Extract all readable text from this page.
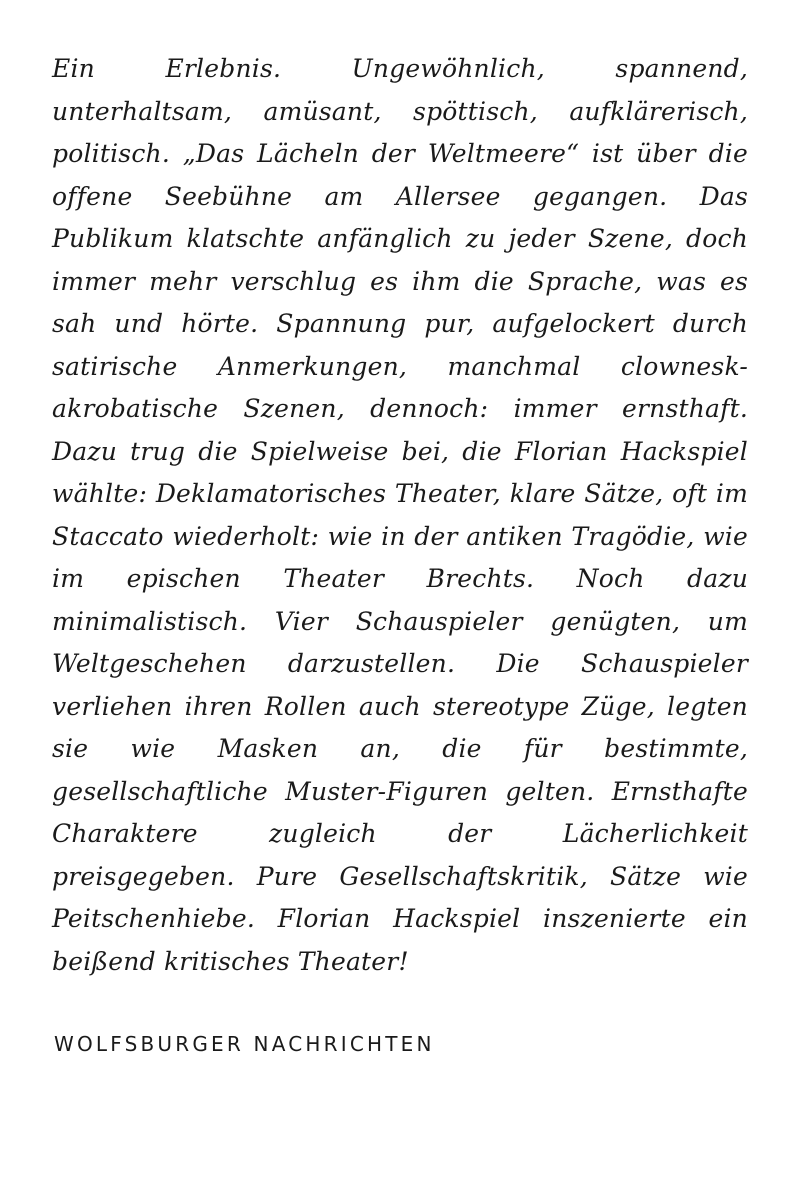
Ein Erlebnis. Ungewöhnlich, spannend, unterhaltsam, amüsant, spöttisch, aufklärerisch, politisch. „Das Lächeln der Weltmeere“ ist über die offene Seebühne am Allersee gegangen. Das Publikum klatschte anfänglich zu jeder Szene, doch immer mehr verschlug es ihm die Sprache, was es sah und hörte. Spannung pur, aufgelockert durch satirische Anmerkungen, manchmal clownesk- akrobatische Szenen, dennoch: immer ernsthaft. Dazu trug die Spielweise bei, die Florian Hackspiel wählte: Deklamatorisches Theater, klare Sätze, oft im Staccato wiederholt: wie in der antiken Tragödie, wie im epischen Theater Brechts. Noch dazu minimalistisch. Vier Schauspieler genügten, um Weltgeschehen darzustellen. Die Schauspieler verliehen ihren Rollen auch stereotype Züge, legten sie wie Masken an, die für bestimmte, gesellschaftliche Muster-Figuren gelten. Ernsthafte Charaktere zugleich der Lächerlichkeit preisgegeben. Pure Gesellschaftskritik, Sätze wie Peitschenhiebe. Florian Hackspiel inszenierte ein beißend kritisches Theater!

WOLFSBURGER NACHRICHTEN
